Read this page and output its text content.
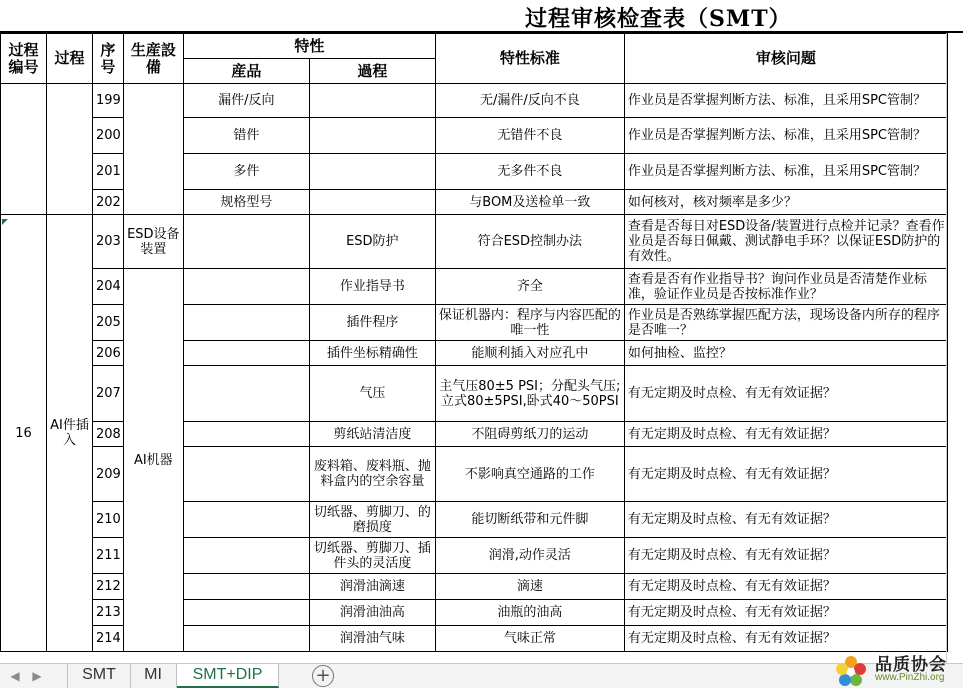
过程审核检查表（SMT）
过程编号	过程	序号	生産設備	特性		特性标准	审核问题
				産品	過程		
		199		漏件/反向		无/漏件/反向不良	作业员是否掌握判断方法、标准，且采用SPC管制？
		200		错件		无错件不良	作业员是否掌握判断方法、标准，且采用SPC管制？
		201		多件		无多件不良	作业员是否掌握判断方法、标准，且采用SPC管制？
		202		规格型号		与BOM及送检单一致	如何核对，核对频率是多少？
16	AI件插入	203	ESD设备装置		ESD防护	符合ESD控制办法	查看是否每日对ESD设备/装置进行点检并记录？查看作业员是否每日佩戴、测试静电手环？以保证ESD防护的有效性。
		204	AI机器		作业指导书	齐全	查看是否有作业指导书？询问作业员是否清楚作业标准，验证作业员是否按标准作业？
		205			插件程序	保证机器内：程序与内容匹配的唯一性	作业员是否熟练掌握匹配方法，现场设备内所存的程序是否唯一？
		206			插件坐标精确性	能顺利插入对应孔中	如何抽检、监控？
		207			气压	主气压80±5 PSI；分配头气压;立式80±5PSI,卧式40～50PSI	有无定期及时点检、有无有效证据？
		208			剪纸站清洁度	不阻碍剪纸刀的运动	有无定期及时点检、有无有效证据？
		209			废料箱、废料瓶、抛料盒内的空余容量	不影响真空通路的工作	有无定期及时点检、有无有效证据？
		210			切纸器、剪脚刀、的磨损度	能切断纸带和元件脚	有无定期及时点检、有无有效证据？
		211			切纸器、剪脚刀、插件头的灵活度	润滑,动作灵活	有无定期及时点检、有无有效证据？
		212			润滑油滴速	滴速	有无定期及时点检、有无有效证据？
		213			润滑油油高	油瓶的油高	有无定期及时点检、有无有效证据？
		214			润滑油气味	气味正常	有无定期及时点检、有无有效证据？
◀	▶	SMT	MI	SMT+DIP	+	品质协会
www.PinZhi.org
